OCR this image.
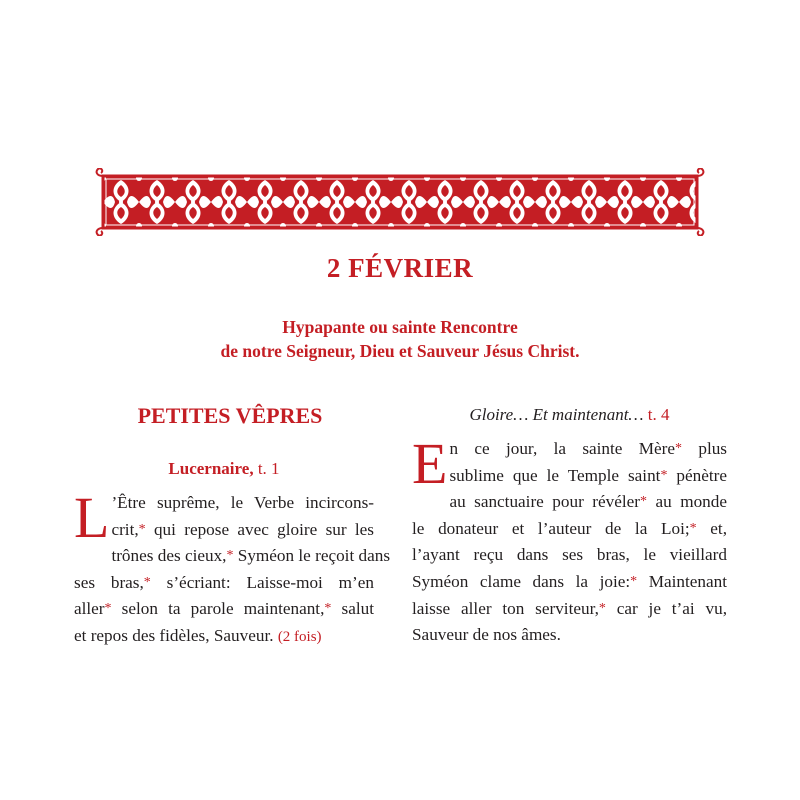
2 FÉVRIER
Hypapante ou sainte Rencontre
de notre Seigneur, Dieu et Sauveur Jésus Christ.
PETITES VÊPRES
Lucernaire, t. 1
L ’Être suprême, le Verbe incircons-
crit,* qui repose avec gloire sur les
trônes des cieux,* Syméon le reçoit dans
ses bras,* s’écriant: Laisse-moi m’en
aller* selon ta parole maintenant,* salut
et repos des fidèles, Sauveur. (2 fois)
Gloire… Et maintenant… t. 4
E n ce jour, la sainte Mère* plus
sublime que le Temple saint* pénètre
au sanctuaire pour révéler* au monde
le donateur et l’auteur de la Loi;* et,
l’ayant reçu dans ses bras, le vieillard
Syméon clame dans la joie:* Maintenant
laisse aller ton serviteur,* car je t’ai vu,
Sauveur de nos âmes.
